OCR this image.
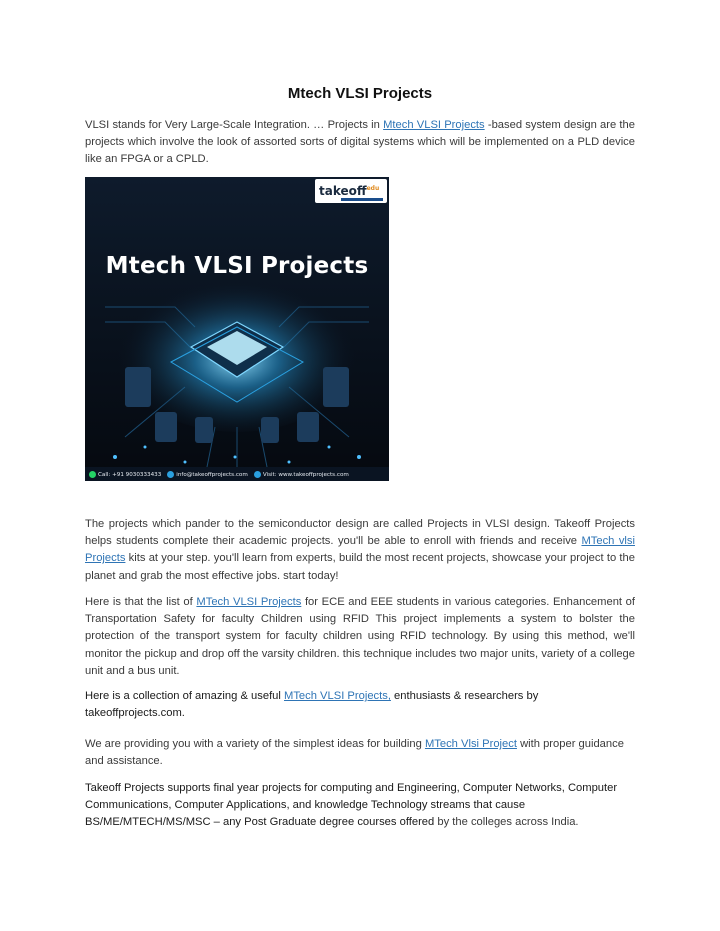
Mtech VLSI Projects
VLSI stands for Very Large-Scale Integration. … Projects in Mtech VLSI Projects -based system design are the projects which involve the look of assorted sorts of digital systems which will be implemented on a PLD device like an FPGA or a CPLD.
takeoff$^{edu}$
Mtech VLSI Projects
Call: +91 9030333433	info@takeoffprojects.com	Visit: www.takeoffprojects.com
The projects which pander to the semiconductor design are called Projects in VLSI design. Takeoff Projects helps students complete their academic projects. you'll be able to enroll with friends and receive MTech vlsi Projects kits at your step. you'll learn from experts, build the most recent projects, showcase your project to the planet and grab the most effective jobs. start today!
Here is that the list of MTech VLSI Projects for ECE and EEE students in various categories. Enhancement of Transportation Safety for faculty Children using RFID This project implements a system to bolster the protection of the transport system for faculty children using RFID technology. By using this method, we'll monitor the pickup and drop off the varsity children. this technique includes two major units, variety of a college unit and a bus unit.
Here is a collection of amazing & useful MTech VLSI Projects, enthusiasts & researchers by takeoffprojects.com.
We are providing you with a variety of the simplest ideas for building MTech Vlsi Project with proper guidance and assistance.
Takeoff Projects supports final year projects for computing and Engineering, Computer Networks, Computer Communications, Computer Applications, and knowledge Technology streams that cause BS/ME/MTECH/MS/MSC – any Post Graduate degree courses offered by the colleges across India.
